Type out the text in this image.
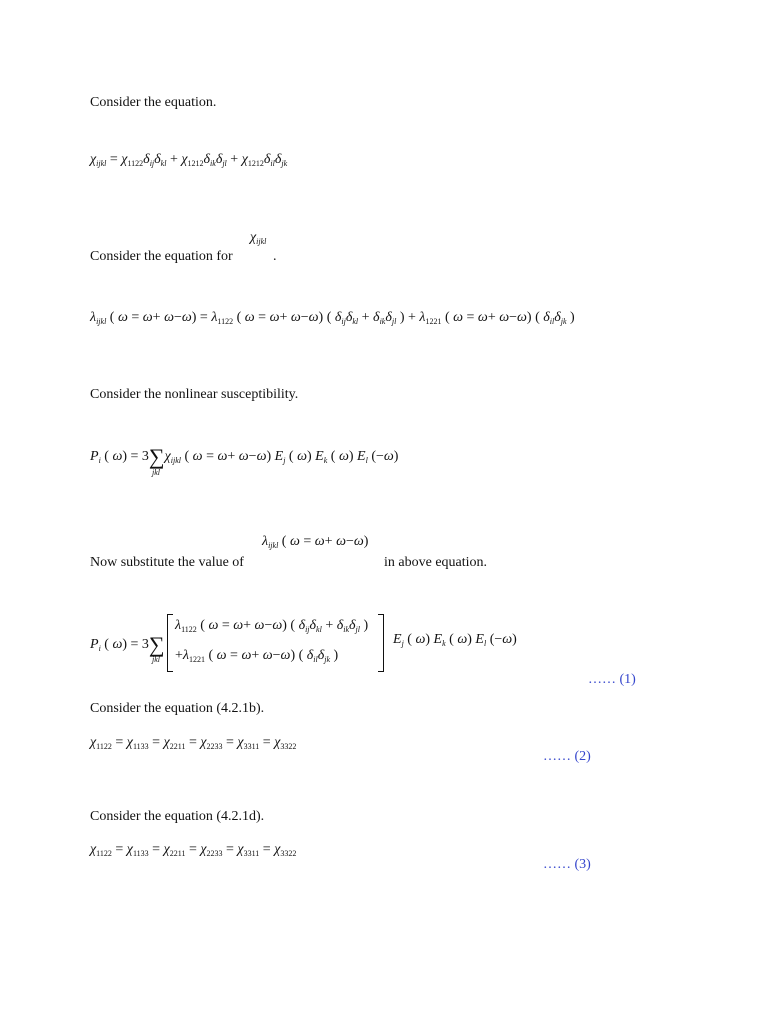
Consider the equation.
$\chi_{ijkl} = \chi_{1122}\delta_{ij}\delta_{kl} + \chi_{1212}\delta_{ik}\delta_{jl} + \chi_{1212}\delta_{il}\delta_{jk}$
$\chi_{ijkl}$
Consider the equation for	.
$\lambda_{ijkl}$ ( $\omega = \omega+ \omega-\omega) = \lambda_{1122}$ ( ω = ω+ ω−ω) ( $\delta_{ij}\delta_{kl} + \delta_{ik}\delta_{jl}$ ) + $\lambda_{1221}$ ( ω = ω+ ω−ω) ( $\delta_{il}\delta_{jk}$ )
Consider the nonlinear susceptibility.
$P_i$ ( $\omega) = 3\sum\chi_{ijkl}$ ( ω = ω+ ω−ω) $E_j$ ( ω) $E_k$ ( ω) $E_l$ (−ω)
jkl
$\lambda_{ijkl}$ ( ω = ω+ ω−ω)
Now substitute the value of	in above equation.
$P_i$ ( ω) = 3∑
jkl
$\lambda_{1122}$ ( ω = ω+ ω−ω) ( $\delta_{ij}\delta_{kl} + \delta_{ik}\delta_{jl}$ )
$+\lambda_{1221}$ ( ω = ω+ ω−ω) ( $\delta_{il}\delta_{jk}$ )
$E_j$ ( ω) $E_k$ ( ω) $E_l$ (−ω)
…… (1)
Consider the equation (4.2.1b).
$\chi_{1122} = \chi_{1133} = \chi_{2211} = \chi_{2233} = \chi_{3311} = \chi_{3322}$
…… (2)
Consider the equation (4.2.1d).
$\chi_{1122} = \chi_{1133} = \chi_{2211} = \chi_{2233} = \chi_{3311} = \chi_{3322}$
…… (3)
